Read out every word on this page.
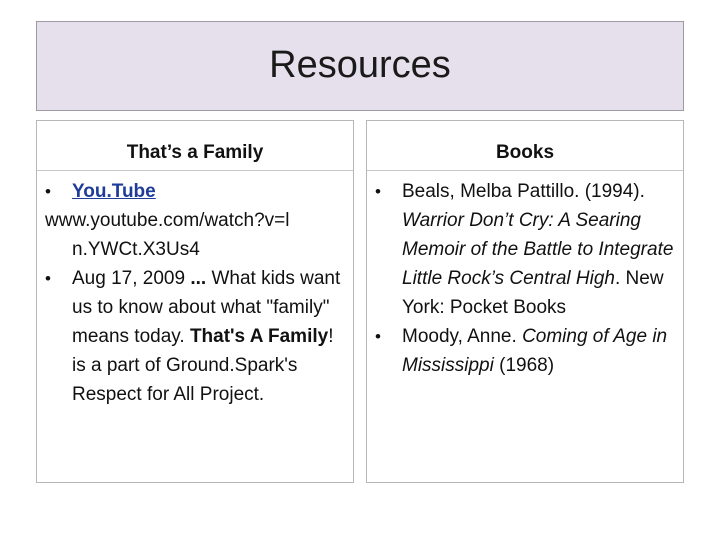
Resources
That’s a Family
• You.Tube
www.youtube.com/watch?v=l
n.YWCt.X3Us4
• Aug 17, 2009 ... What kids want us to know about what "family" means today. That's A Family! is a part of Ground.Spark's Respect for All Project.
Books
• Beals, Melba Pattillo. (1994). Warrior Don’t Cry: A Searing Memoir of the Battle to Integrate Little Rock’s Central High. New York: Pocket Books
• Moody, Anne. Coming of Age in Mississippi (1968)
